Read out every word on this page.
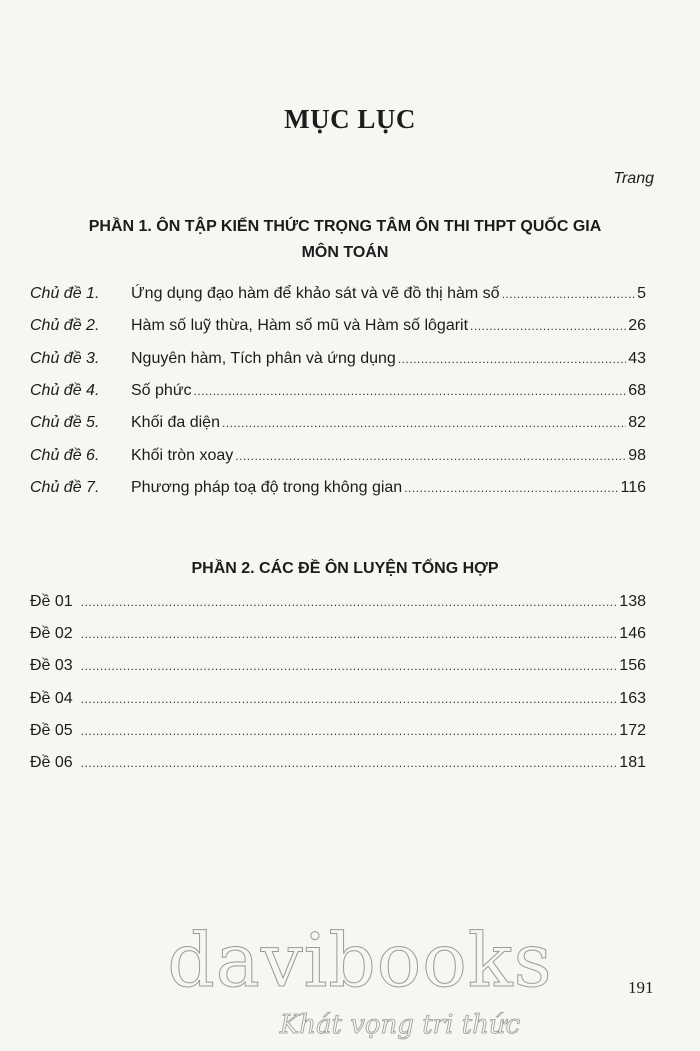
MỤC LỤC
Trang
PHẦN 1. ÔN TẬP KIẾN THỨC TRỌNG TÂM ÔN THI THPT QUỐC GIA
MÔN TOÁN
Chủ đề 1.	Ứng dụng đạo hàm để khảo sát và vẽ đồ thị hàm số .....	5
Chủ đề 2.	Hàm số luỹ thừa, Hàm số mũ và Hàm số lôgarit .....	26
Chủ đề 3.	Nguyên hàm, Tích phân và ứng dụng .....	43
Chủ đề 4.	Số phức .....	68
Chủ đề 5.	Khối đa diện .....	82
Chủ đề 6.	Khối tròn xoay .....	98
Chủ đề 7.	Phương pháp toạ độ trong không gian .....	116
PHẦN 2. CÁC ĐỀ ÔN LUYỆN TỔNG HỢP
Đề 01 .....	138
Đề 02 .....	146
Đề 03 .....	156
Đề 04 .....	163
Đề 05 .....	172
Đề 06 .....	181
davibooks
Khát vọng tri thức
191
